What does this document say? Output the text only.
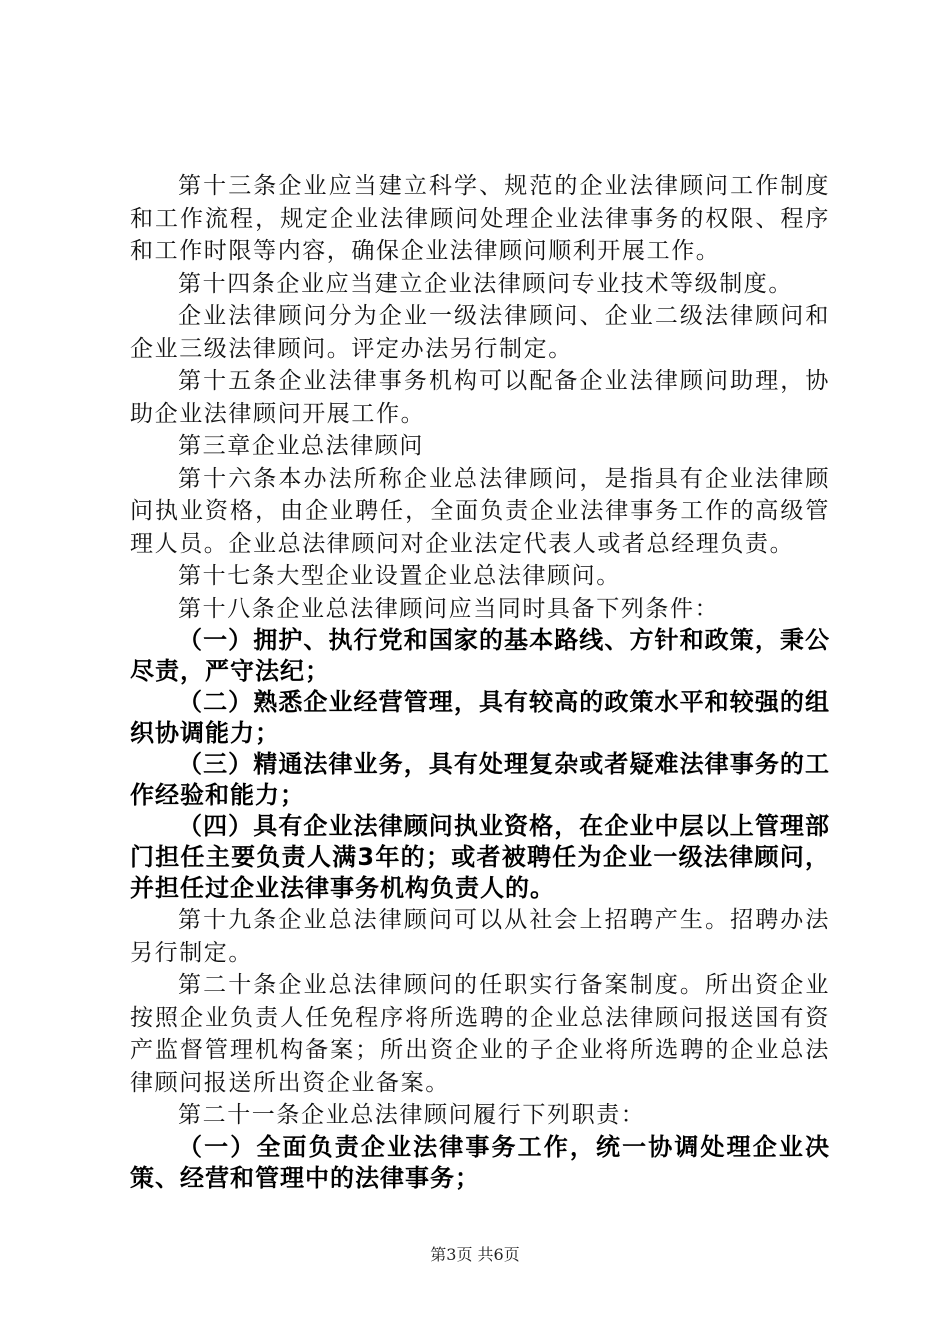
第十三条企业应当建立科学、规范的企业法律顾问工作制度和工作流程，规定企业法律顾问处理企业法律事务的权限、程序和工作时限等内容，确保企业法律顾问顺利开展工作。

第十四条企业应当建立企业法律顾问专业技术等级制度。

企业法律顾问分为企业一级法律顾问、企业二级法律顾问和企业三级法律顾问。评定办法另行制定。

第十五条企业法律事务机构可以配备企业法律顾问助理，协助企业法律顾问开展工作。

第三章企业总法律顾问

第十六条本办法所称企业总法律顾问，是指具有企业法律顾问执业资格，由企业聘任，全面负责企业法律事务工作的高级管理人员。企业总法律顾问对企业法定代表人或者总经理负责。

第十七条大型企业设置企业总法律顾问。

第十八条企业总法律顾问应当同时具备下列条件：

（一）拥护、执行党和国家的基本路线、方针和政策，秉公尽责，严守法纪；

（二）熟悉企业经营管理，具有较高的政策水平和较强的组织协调能力；

（三）精通法律业务，具有处理复杂或者疑难法律事务的工作经验和能力；

（四）具有企业法律顾问执业资格，在企业中层以上管理部门担任主要负责人满3年的；或者被聘任为企业一级法律顾问，并担任过企业法律事务机构负责人的。

第十九条企业总法律顾问可以从社会上招聘产生。招聘办法另行制定。

第二十条企业总法律顾问的任职实行备案制度。所出资企业按照企业负责人任免程序将所选聘的企业总法律顾问报送国有资产监督管理机构备案；所出资企业的子企业将所选聘的企业总法律顾问报送所出资企业备案。

第二十一条企业总法律顾问履行下列职责：

（一）全面负责企业法律事务工作，统一协调处理企业决策、经营和管理中的法律事务；

第3页 共6页
